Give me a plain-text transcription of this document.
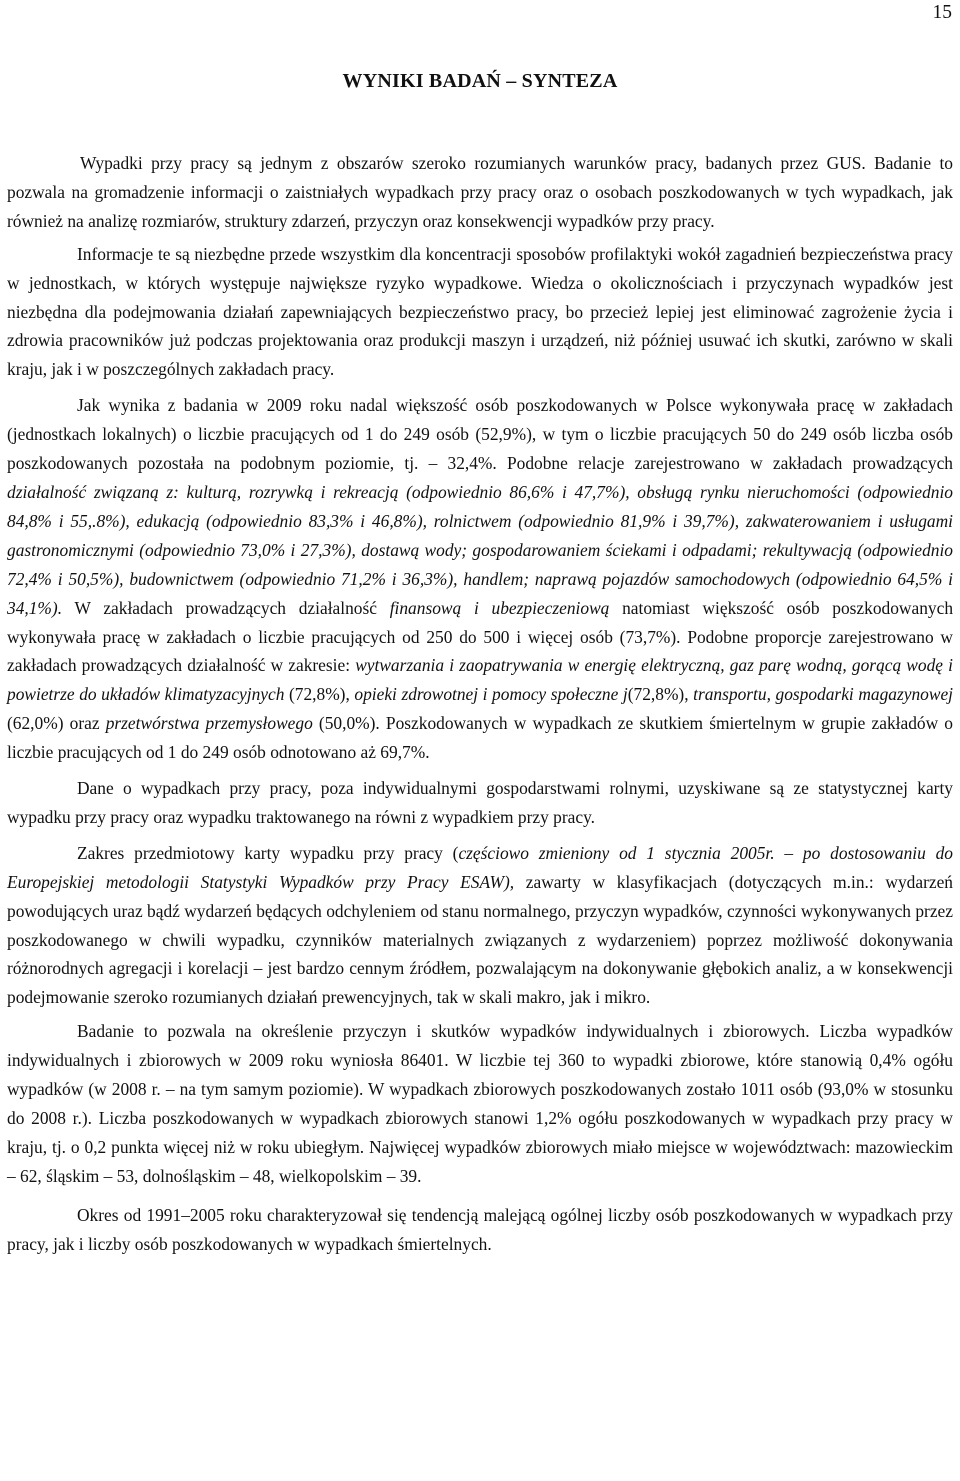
15
WYNIKI BADAŃ – SYNTEZA

Wypadki przy pracy są jednym z obszarów szeroko rozumianych warunków pracy, badanych przez GUS. Badanie to pozwala na gromadzenie informacji o zaistniałych wypadkach przy pracy oraz o osobach poszkodowanych w tych wypadkach, jak również na analizę rozmiarów, struktury zdarzeń, przyczyn oraz konsekwencji wypadków przy pracy.

Informacje te są niezbędne przede wszystkim dla koncentracji sposobów profilaktyki wokół zagadnień bezpieczeństwa pracy w jednostkach, w których występuje największe ryzyko wypadkowe. Wiedza o okolicznościach i przyczynach wypadków jest niezbędna dla podejmowania działań zapewniających bezpieczeństwo pracy, bo przecież lepiej jest eliminować zagrożenie życia i zdrowia pracowników już podczas projektowania oraz produkcji maszyn i urządzeń, niż później usuwać ich skutki, zarówno w skali kraju, jak i w poszczególnych zakładach pracy.

Jak wynika z badania w 2009 roku nadal większość osób poszkodowanych w Polsce wykonywała pracę w zakładach (jednostkach lokalnych) o liczbie pracujących od 1 do 249 osób (52,9%), w tym o liczbie pracujących 50 do 249 osób liczba osób poszkodowanych pozostała na podobnym poziomie, tj. – 32,4%. Podobne relacje zarejestrowano w zakładach prowadzących działalność związaną z: kulturą, rozrywką i rekreacją (odpowiednio 86,6% i 47,7%), obsługą rynku nieruchomości (odpowiednio 84,8% i 55,.8%), edukacją (odpowiednio 83,3% i 46,8%), rolnictwem (odpowiednio 81,9% i 39,7%), zakwaterowaniem i usługami gastronomicznymi (odpowiednio 73,0% i 27,3%), dostawą wody; gospodarowaniem ściekami i odpadami; rekultywacją (odpowiednio 72,4% i 50,5%), budownictwem (odpowiednio 71,2% i 36,3%), handlem; naprawą pojazdów samochodowych (odpowiednio 64,5% i 34,1%). W zakładach prowadzących działalność finansową i ubezpieczeniową natomiast większość osób poszkodowanych wykonywała pracę w zakładach o liczbie pracujących od 250 do 500 i więcej osób (73,7%). Podobne proporcje zarejestrowano w zakładach prowadzących działalność w zakresie: wytwarzania i zaopatrywania w energię elektryczną, gaz parę wodną, gorącą wodę i powietrze do układów klimatyzacyjnych (72,8%), opieki zdrowotnej i pomocy społeczne j(72,8%), transportu, gospodarki magazynowej (62,0%) oraz przetwórstwa przemysłowego (50,0%). Poszkodowanych w wypadkach ze skutkiem śmiertelnym w grupie zakładów o liczbie pracujących od 1 do 249 osób odnotowano aż 69,7%.

Dane o wypadkach przy pracy, poza indywidualnymi gospodarstwami rolnymi, uzyskiwane są ze statystycznej karty wypadku przy pracy oraz wypadku traktowanego na równi z wypadkiem przy pracy.

Zakres przedmiotowy karty wypadku przy pracy (częściowo zmieniony od 1 stycznia 2005r. – po dostosowaniu do Europejskiej metodologii Statystyki Wypadków przy Pracy ESAW), zawarty w klasyfikacjach (dotyczących m.in.: wydarzeń powodujących uraz bądź wydarzeń będących odchyleniem od stanu normalnego, przyczyn wypadków, czynności wykonywanych przez poszkodowanego w chwili wypadku, czynników materialnych związanych z wydarzeniem) poprzez możliwość dokonywania różnorodnych agregacji i korelacji – jest bardzo cennym źródłem, pozwalającym na dokonywanie głębokich analiz, a w konsekwencji podejmowanie szeroko rozumianych działań prewencyjnych, tak w skali makro, jak i mikro.

Badanie to pozwala na określenie przyczyn i skutków wypadków indywidualnych i zbiorowych. Liczba wypadków indywidualnych i zbiorowych w 2009 roku wyniosła 86401. W liczbie tej 360 to wypadki zbiorowe, które stanowią 0,4% ogółu wypadków (w 2008 r. – na tym samym poziomie). W wypadkach zbiorowych poszkodowanych zostało 1011 osób (93,0% w stosunku do 2008 r.). Liczba poszkodowanych w wypadkach zbiorowych stanowi 1,2% ogółu poszkodowanych w wypadkach przy pracy w kraju, tj. o 0,2 punkta więcej niż w roku ubiegłym. Najwięcej wypadków zbiorowych miało miejsce w województwach: mazowieckim – 62, śląskim – 53, dolnośląskim – 48, wielkopolskim – 39.

Okres od 1991–2005 roku charakteryzował się tendencją malejącą ogólnej liczby osób poszkodowanych w wypadkach przy pracy, jak i liczby osób poszkodowanych w wypadkach śmiertelnych.
